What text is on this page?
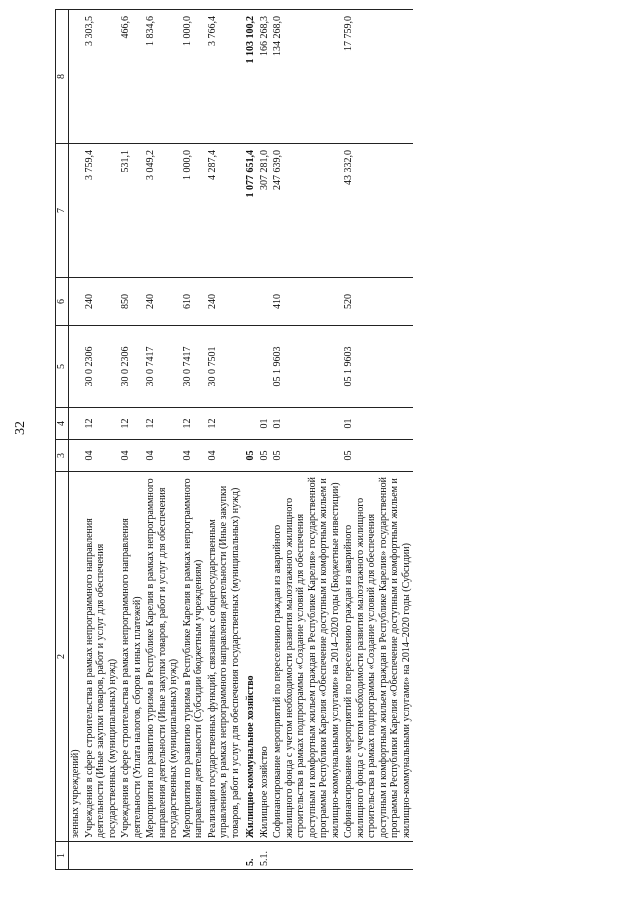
32
1	2	3	4	5	6	7	8
	зенных учреждений)						
	Учреждения в сфере строительства в рамках непрограммного направления деятельности (Иные закупки товаров, работ и услуг для обеспечения государственных (муниципальных) нужд)	04	12	30 0 2306	240	3 759,4	3 303,5
	Учреждения в сфере строительства в рамках непрограммного направления деятельности (Уплата налогов, сборов и иных платежей)	04	12	30 0 2306	850	531,1	466,6
	Мероприятия по развитию туризма в Республике Карелия в рамках непрограммного направления деятельности (Иные закупки товаров, работ и услуг для обеспечения государственных (муниципальных) нужд)	04	12	30 0 7417	240	3 049,2	1 834,6
	Мероприятия по развитию туризма в Республике Карелия в рамках непрограммного направления деятельности (Субсидии бюджетным учреждениям)	04	12	30 0 7417	610	1 000,0	1 000,0
	Реализация государственных функций, связанных с общегосударственным управлением, в рамках непрограммного направления деятельности (Иные закупки товаров, работ и услуг для обеспечения государственных (муниципальных) нужд)	04	12	30 0 7501	240	4 287,4	3 766,4
5.	Жилищно-коммунальное хозяйство	05				1 077 651,4	1 103 100,2
5.1.	Жилищное хозяйство	05	01			307 281,0	166 268,3
	Софинансирование мероприятий по переселению граждан из аварийного жилищного фонда с учетом необходимости развития малоэтажного жилищного строительства в рамках подпрограммы «Создание условий для обеспечения доступным и комфортным жильем граждан в Республике Карелия» государственной программы Республики Карелия «Обеспечение доступным и комфортным жильем и жилищно-коммунальными услугами» на 2014–2020 годы (Бюджетные инвестиции)	05	01	05 1 9603	410	247 639,0	134 268,0
	Софинансирование мероприятий по переселению граждан из аварийного жилищного фонда с учетом необходимости развития малоэтажного жилищного строительства в рамках подпрограммы «Создание условий для обеспечения доступным и комфортным жильем граждан в Республике Карелия» государственной программы Республики Карелия «Обеспечение доступным и комфортным жильем и жилищно-коммунальными услугами» на 2014–2020 годы (Субсидии)	05	01	05 1 9603	520	43 332,0	17 759,0
